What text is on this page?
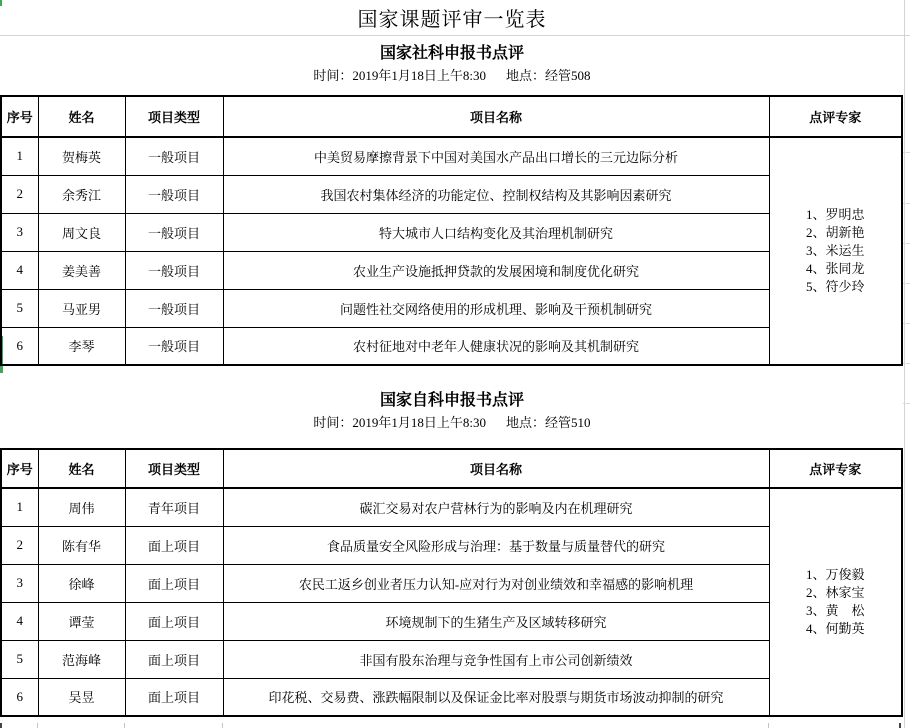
国家课题评审一览表
国家社科申报书点评
时间：2019年1月18日上午8:30 地点：经管508
序号	姓名	项目类型	项目名称	点评专家
1	贺梅英	一般项目	中美贸易摩擦背景下中国对美国水产品出口增长的三元边际分析	1、罗明忠
2、胡新艳
3、米运生
4、张同龙
5、符少玲

2	余秀江	一般项目	我国农村集体经济的功能定位、控制权结构及其影响因素研究	
3	周文良	一般项目	特大城市人口结构变化及其治理机制研究	
4	姜美善	一般项目	农业生产设施抵押贷款的发展困境和制度优化研究	
5	马亚男	一般项目	问题性社交网络使用的形成机理、影响及干预机制研究	
6	李琴	一般项目	农村征地对中老年人健康状况的影响及其机制研究	
国家自科申报书点评
时间：2019年1月18日上午8:30 地点：经管510
序号	姓名	项目类型	项目名称	点评专家
1	周伟	青年项目	碳汇交易对农户营林行为的影响及内在机理研究	1、万俊毅
2、林家宝
3、黄　松
4、何勤英

2	陈有华	面上项目	食品质量安全风险形成与治理：基于数量与质量替代的研究	
3	徐峰	面上项目	农民工返乡创业者压力认知-应对行为对创业绩效和幸福感的影响机理	
4	谭莹	面上项目	环境规制下的生猪生产及区域转移研究	
5	范海峰	面上项目	非国有股东治理与竞争性国有上市公司创新绩效	
6	吴昱	面上项目	印花税、交易费、涨跌幅限制以及保证金比率对股票与期货市场波动抑制的研究	
